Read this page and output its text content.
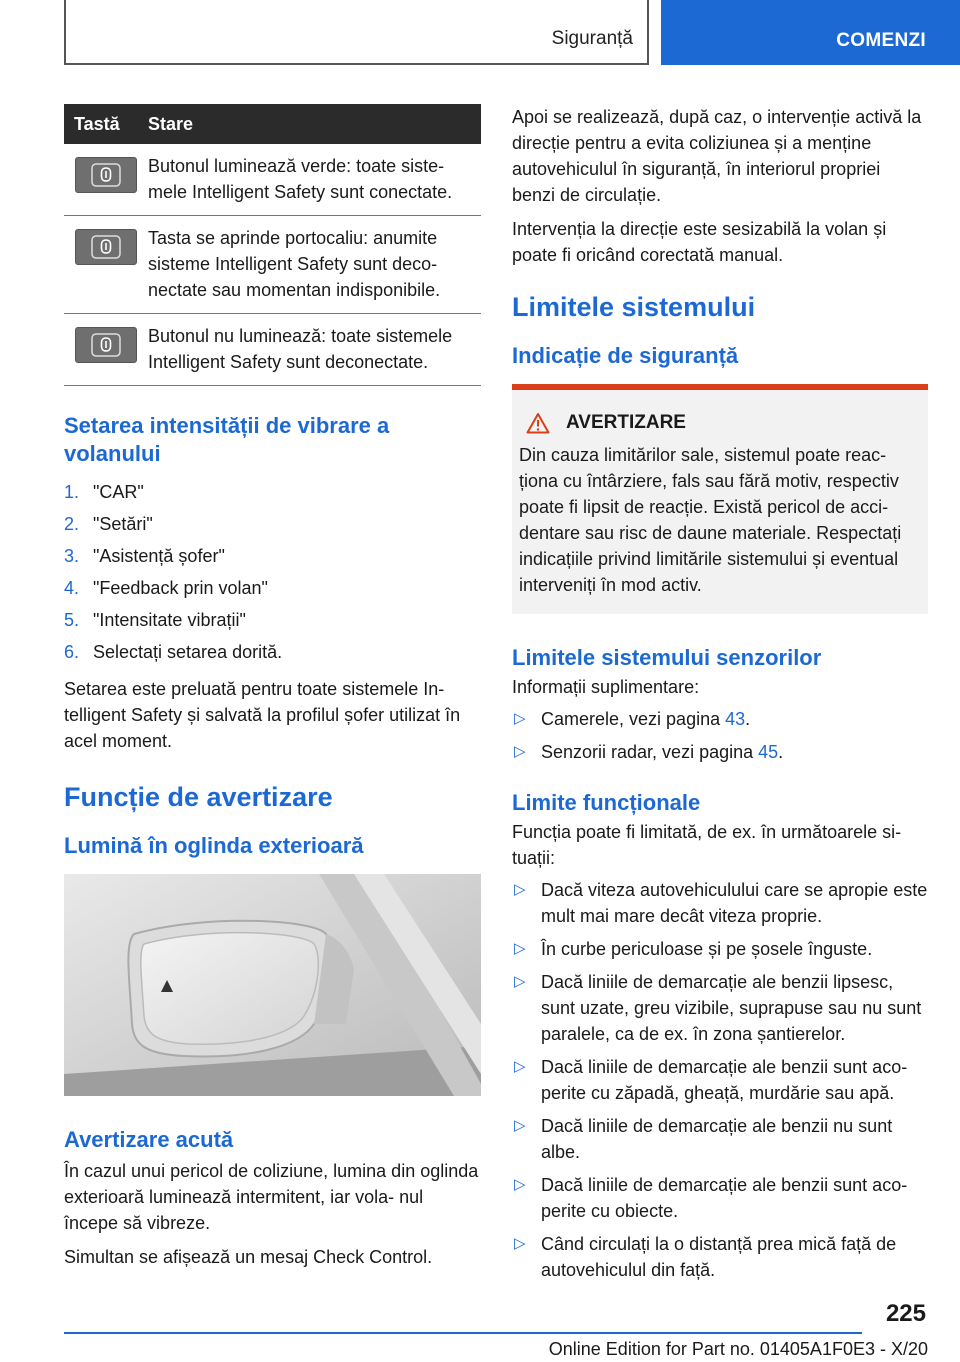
Siguranță	COMENZI
Tastă	Stare
Butonul luminează verde: toate siste- mele Intelligent Safety sunt conectate.
Tasta se aprinde portocaliu: anumite sisteme Intelligent Safety sunt deco- nectate sau momentan indisponibile.
Butonul nu luminează: toate sistemele Intelligent Safety sunt deconectate.
Setarea intensității de vibrare a volanului
1. "CAR"
2. "Setări"
3. "Asistență șofer"
4. "Feedback prin volan"
5. "Intensitate vibrații"
6. Selectați setarea dorită.

Setarea este preluată pentru toate sistemele In- telligent Safety și salvată la profilul șofer utilizat în acel moment.

Funcție de avertizare
Lumină în oglinda exterioară
Avertizare acută

În cazul unui pericol de coliziune, lumina din oglinda exterioară luminează intermitent, iar vola- nul începe să vibreze.

Simultan se afișează un mesaj Check Control.

Apoi se realizează, după caz, o intervenție activă la direcție pentru a evita coliziunea și a menține autovehiculul în siguranță, în interiorul propriei benzi de circulație.

Intervenția la direcție este sesizabilă la volan și poate fi oricând corectată manual.

Limitele sistemului
Indicație de siguranță
AVERTIZARE

Din cauza limitărilor sale, sistemul poate reac- ționa cu întârziere, fals sau fără motiv, respectiv poate fi lipsit de reacție. Există pericol de acci- dentare sau risc de daune materiale. Respectați indicațiile privind limitările sistemului și eventual interveniți în mod activ.

Limitele sistemului senzorilor

Informații suplimentare:

▷ Camerele, vezi pagina 43.
▷ Senzorii radar, vezi pagina 45.
Limite funcționale

Funcția poate fi limitată, de ex. în următoarele si- tuații:

▷ Dacă viteza autovehiculului care se apropie este mult mai mare decât viteza proprie.
▷ În curbe periculoase și pe șosele înguste.
▷ Dacă liniile de demarcație ale benzii lipsesc, sunt uzate, greu vizibile, suprapuse sau nu sunt paralele, ca de ex. în zona șantierelor.
▷ Dacă liniile de demarcație ale benzii sunt aco- perite cu zăpadă, gheață, murdărie sau apă.
▷ Dacă liniile de demarcație ale benzii nu sunt albe.
▷ Dacă liniile de demarcație ale benzii sunt aco- perite cu obiecte.
▷ Când circulați la o distanță prea mică față de autovehiculul din față.
225
Online Edition for Part no. 01405A1F0E3 - X/20
